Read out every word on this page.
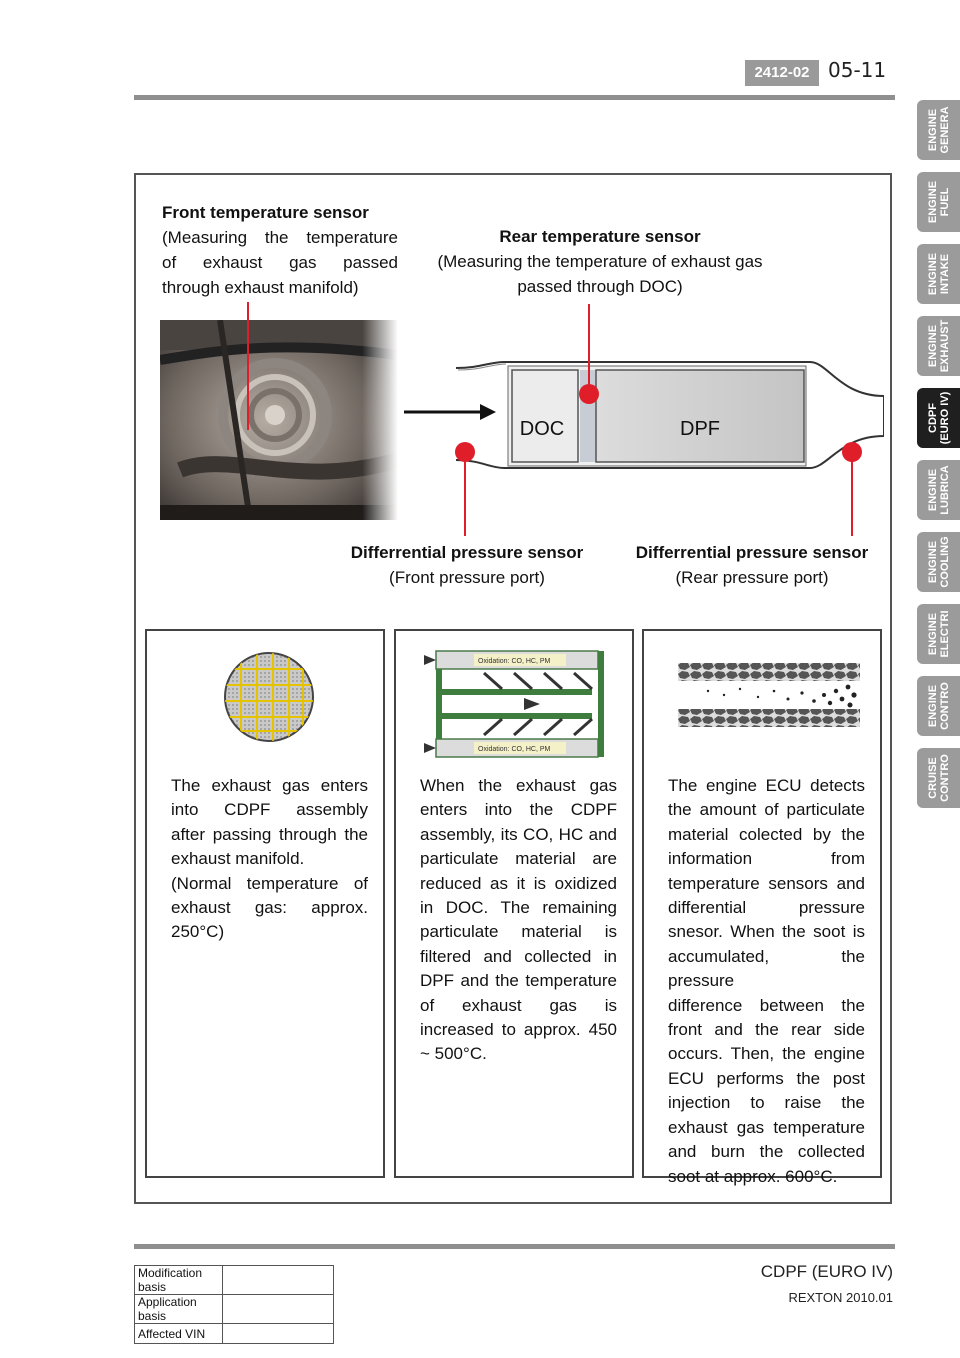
2412-02 05-11
ENGINE
GENERA
ENGINE
FUEL
ENGINE
INTAKE
ENGINE
EXHAUST
CDPF
(EURO IV)
ENGINE
LUBRICA
ENGINE
COOLING
ENGINE
ELECTRI
ENGINE
CONTRO
CRUISE
CONTRO
Front temperature sensor
(Measuring the temperature
of exhaust gas passed
through exhaust manifold)
Rear temperature sensor
(Measuring the temperature of exhaust gas
passed through DOC)
DOC	DPF
Differrential pressure sensor
(Front pressure port)
Differrential pressure sensor
(Rear pressure port)

The exhaust gas enters

into CDPF assembly

after passing through the

exhaust manifold.

(Normal temperature of

exhaust gas: approx.

250°C)

Oxidation: CO, HC, PM
Oxidation: CO, HC, PM

When the exhaust gas

enters into the CDPF

assembly, its CO, HC and

particulate material are

reduced as it is oxidized

in DOC. The remaining

particulate material is

filtered and collected in

DPF and the temperature

of exhaust gas is

increased to approx. 450

~ 500°C.

The engine ECU detects

the amount of particulate

material colected by the

information from

temperature sensors and

differential pressure

snesor. When the soot is

accumulated, the pressure

difference between the

front and the rear side

occurs. Then, the engine

ECU performs the post

injection to raise the

exhaust gas temperature

and burn the collected

soot at approx. 600°C.

CDPF (EURO IV)
REXTON 2010.01
Modification basis	
Application basis	
Affected VIN	
